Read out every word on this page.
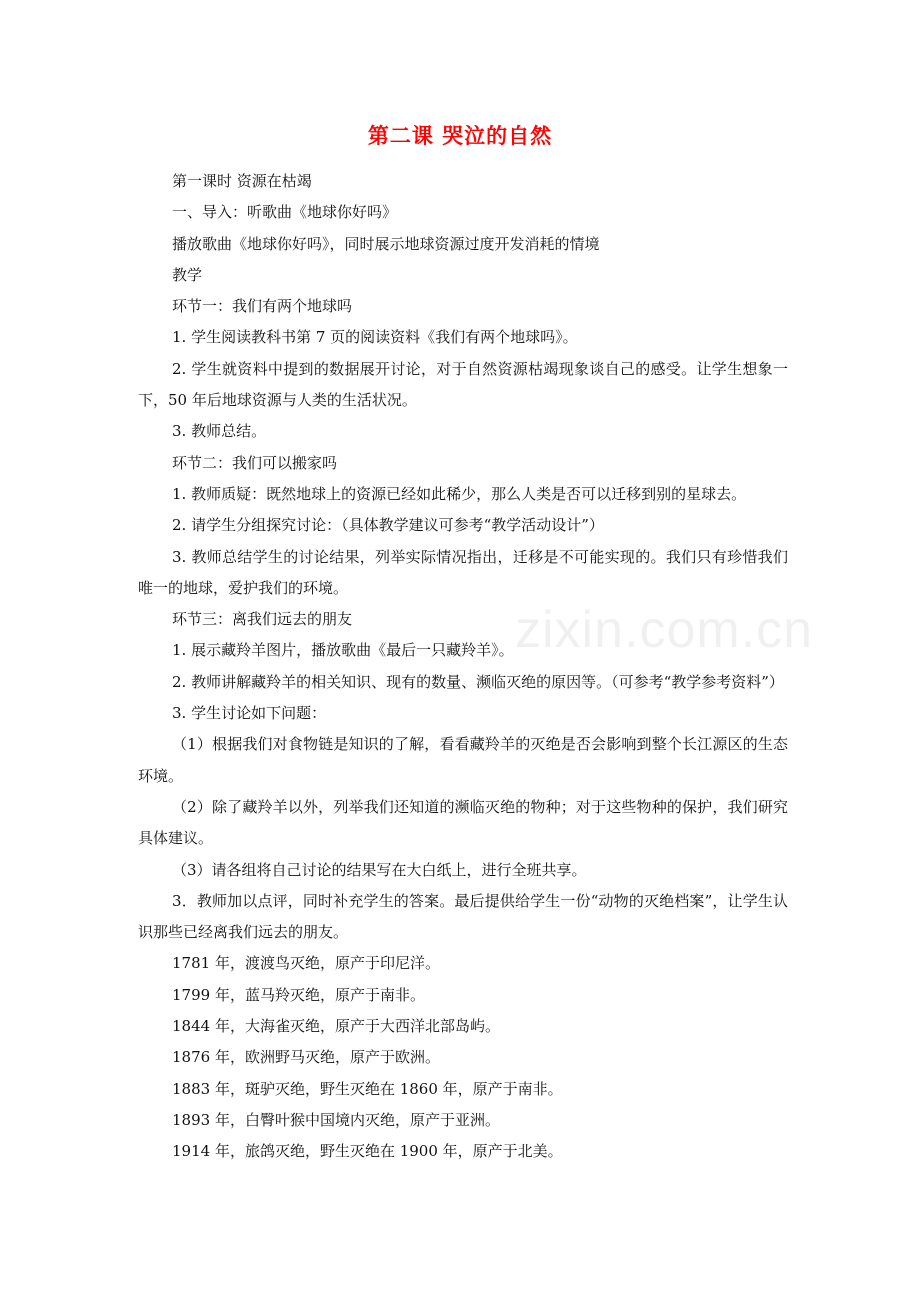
第二课 哭泣的自然
zixin.com.cn

第一课时 资源在枯竭

一、导入：听歌曲《地球你好吗》

播放歌曲《地球你好吗》，同时展示地球资源过度开发消耗的情境

教学

环节一：我们有两个地球吗

1. 学生阅读教科书第 7 页的阅读资料《我们有两个地球吗》。

2. 学生就资料中提到的数据展开讨论，对于自然资源枯竭现象谈自己的感受。让学生想象一下，50 年后地球资源与人类的生活状况。

3. 教师总结。

环节二：我们可以搬家吗

1. 教师质疑：既然地球上的资源已经如此稀少，那么人类是否可以迁移到别的星球去。

2. 请学生分组探究讨论：（具体教学建议可参考“教学活动设计”）

3. 教师总结学生的讨论结果，列举实际情况指出，迁移是不可能实现的。我们只有珍惜我们唯一的地球，爱护我们的环境。

环节三：离我们远去的朋友

1. 展示藏羚羊图片，播放歌曲《最后一只藏羚羊》。

2. 教师讲解藏羚羊的相关知识、现有的数量、濒临灭绝的原因等。（可参考“教学参考资料”）

3. 学生讨论如下问题：

（1）根据我们对食物链是知识的了解，看看藏羚羊的灭绝是否会影响到整个长江源区的生态环境。

（2）除了藏羚羊以外，列举我们还知道的濒临灭绝的物种；对于这些物种的保护，我们研究具体建议。

（3）请各组将自己讨论的结果写在大白纸上，进行全班共享。

3．教师加以点评，同时补充学生的答案。最后提供给学生一份“动物的灭绝档案”，让学生认识那些已经离我们远去的朋友。

1781 年，渡渡鸟灭绝，原产于印尼洋。

1799 年，蓝马羚灭绝，原产于南非。

1844 年，大海雀灭绝，原产于大西洋北部岛屿。

1876 年，欧洲野马灭绝，原产于欧洲。

1883 年，斑驴灭绝，野生灭绝在 1860 年，原产于南非。

1893 年，白臀叶猴中国境内灭绝，原产于亚洲。

1914 年，旅鸽灭绝，野生灭绝在 1900 年，原产于北美。
